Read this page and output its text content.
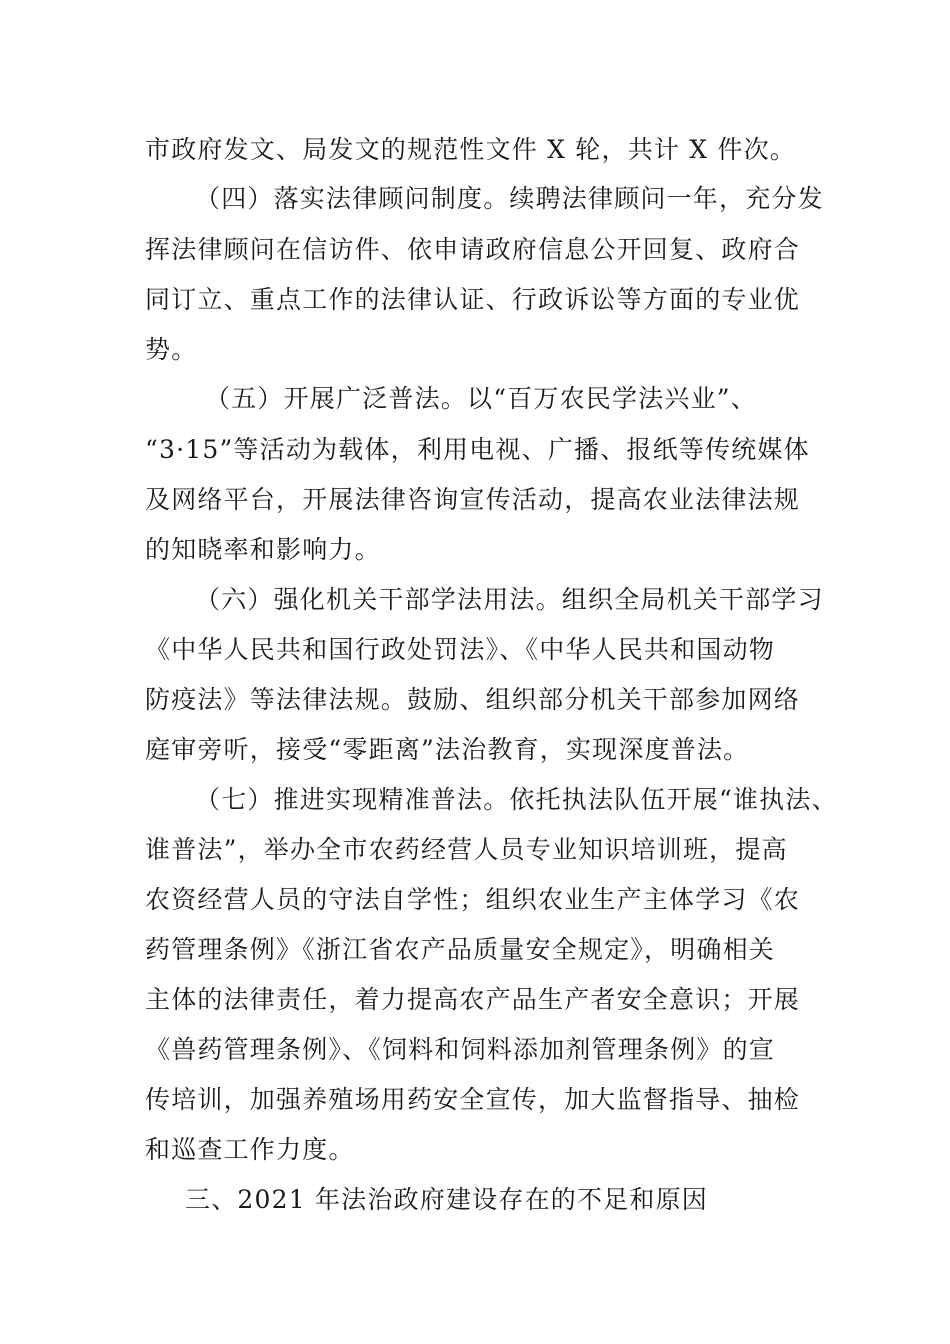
市政府发文、局发文的规范性文件 X 轮，共计 X 件次。
（四）落实法律顾问制度。续聘法律顾问一年，充分发
挥法律顾问在信访件、依申请政府信息公开回复、政府合
同订立、重点工作的法律认证、行政诉讼等方面的专业优
势。
（五）开展广泛普法。以“百万农民学法兴业”、
“3·15”等活动为载体，利用电视、广播、报纸等传统媒体
及网络平台，开展法律咨询宣传活动，提高农业法律法规
的知晓率和影响力。
（六）强化机关干部学法用法。组织全局机关干部学习
《中华人民共和国行政处罚法》、《中华人民共和国动物
防疫法》等法律法规。鼓励、组织部分机关干部参加网络
庭审旁听，接受“零距离”法治教育，实现深度普法。
（七）推进实现精准普法。依托执法队伍开展“谁执法、
谁普法”，举办全市农药经营人员专业知识培训班，提高
农资经营人员的守法自学性；组织农业生产主体学习《农
药管理条例》《浙江省农产品质量安全规定》，明确相关
主体的法律责任，着力提高农产品生产者安全意识；开展
《兽药管理条例》、《饲料和饲料添加剂管理条例》的宣
传培训，加强养殖场用药安全宣传，加大监督指导、抽检
和巡查工作力度。
三、2021 年法治政府建设存在的不足和原因
